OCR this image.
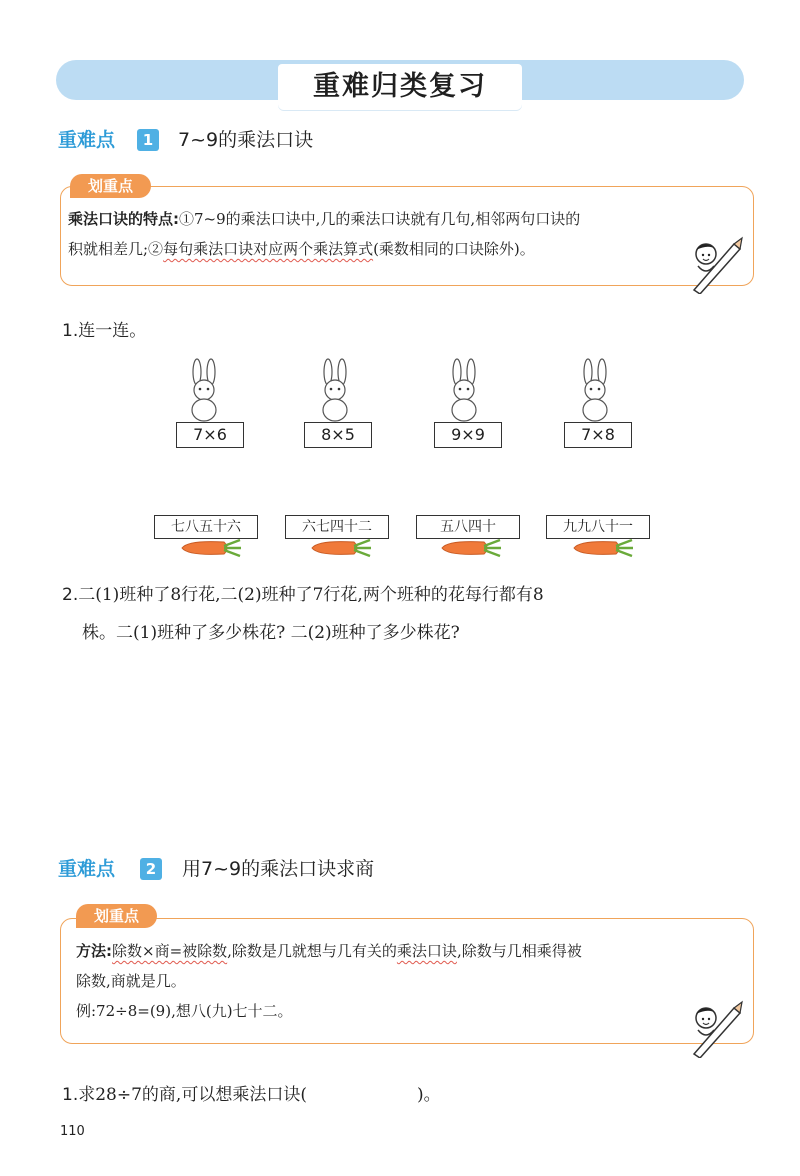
重难归类复习
重难点	1	7~9的乘法口诀
划重点
乘法口诀的特点:①7~9的乘法口诀中,几的乘法口诀就有几句,相邻两句口诀的
积就相差几;②每句乘法口诀对应两个乘法算式(乘数相同的口诀除外)。
1.连一连。
7×6	8×5	9×9	7×8
七八五十六	六七四十二	五八四十	九九八十一
2.二(1)班种了8行花,二(2)班种了7行花,两个班种的花每行都有8
株。二(1)班种了多少株花? 二(2)班种了多少株花?
重难点	2	用7~9的乘法口诀求商
划重点
方法:除数×商=被除数,除数是几就想与几有关的乘法口诀,除数与几相乘得被
除数,商就是几。
例:72÷8=(9),想八(九)七十二。
1.求28÷7的商,可以想乘法口诀(	)。
110
